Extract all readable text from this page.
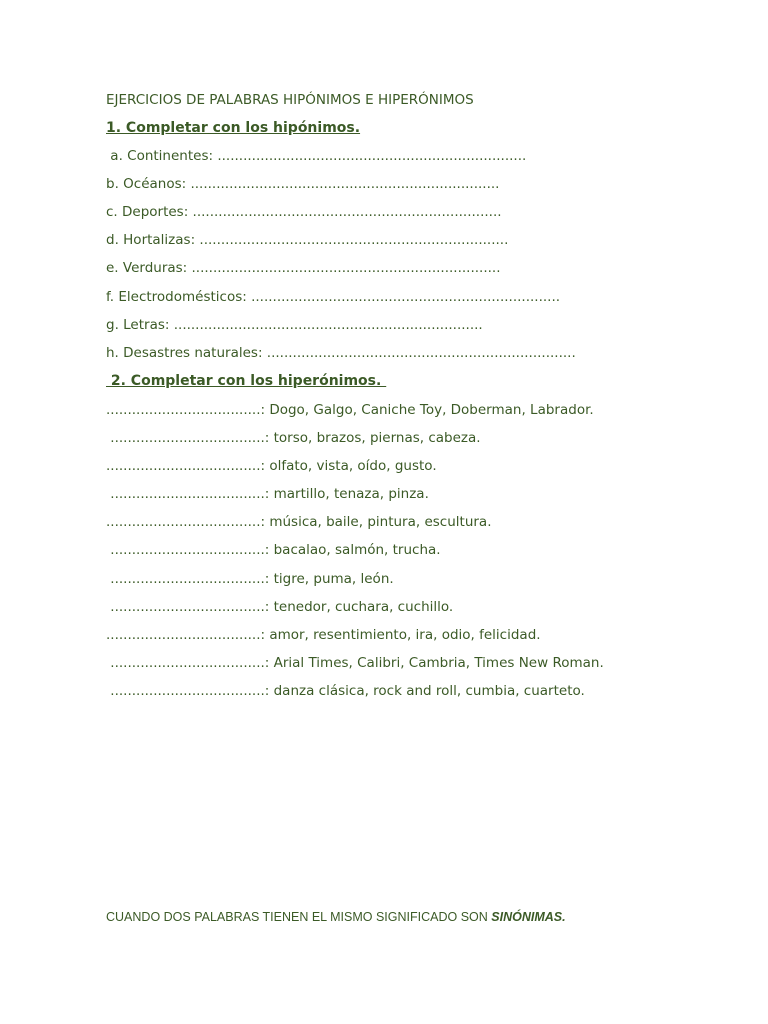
EJERCICIOS DE PALABRAS HIPÓNIMOS E HIPERÓNIMOS
1. Completar con los hipónimos.
a. Continentes: ........................................................................
b. Océanos: ........................................................................
c. Deportes: ........................................................................
d. Hortalizas: ........................................................................
e. Verduras: ........................................................................
f. Electrodomésticos: ........................................................................
g. Letras: ........................................................................
h. Desastres naturales: ........................................................................
2. Completar con los hiperónimos.
....................................: Dogo, Galgo, Caniche Toy, Doberman, Labrador.
....................................: torso, brazos, piernas, cabeza.
....................................: olfato, vista, oído, gusto.
....................................: martillo, tenaza, pinza.
....................................: música, baile, pintura, escultura.
....................................: bacalao, salmón, trucha.
....................................: tigre, puma, león.
....................................: tenedor, cuchara, cuchillo.
....................................: amor, resentimiento, ira, odio, felicidad.
....................................: Arial Times, Calibri, Cambria, Times New Roman.
....................................: danza clásica, rock and roll, cumbia, cuarteto.
CUANDO DOS PALABRAS TIENEN EL MISMO SIGNIFICADO SON SINÓNIMAS.
